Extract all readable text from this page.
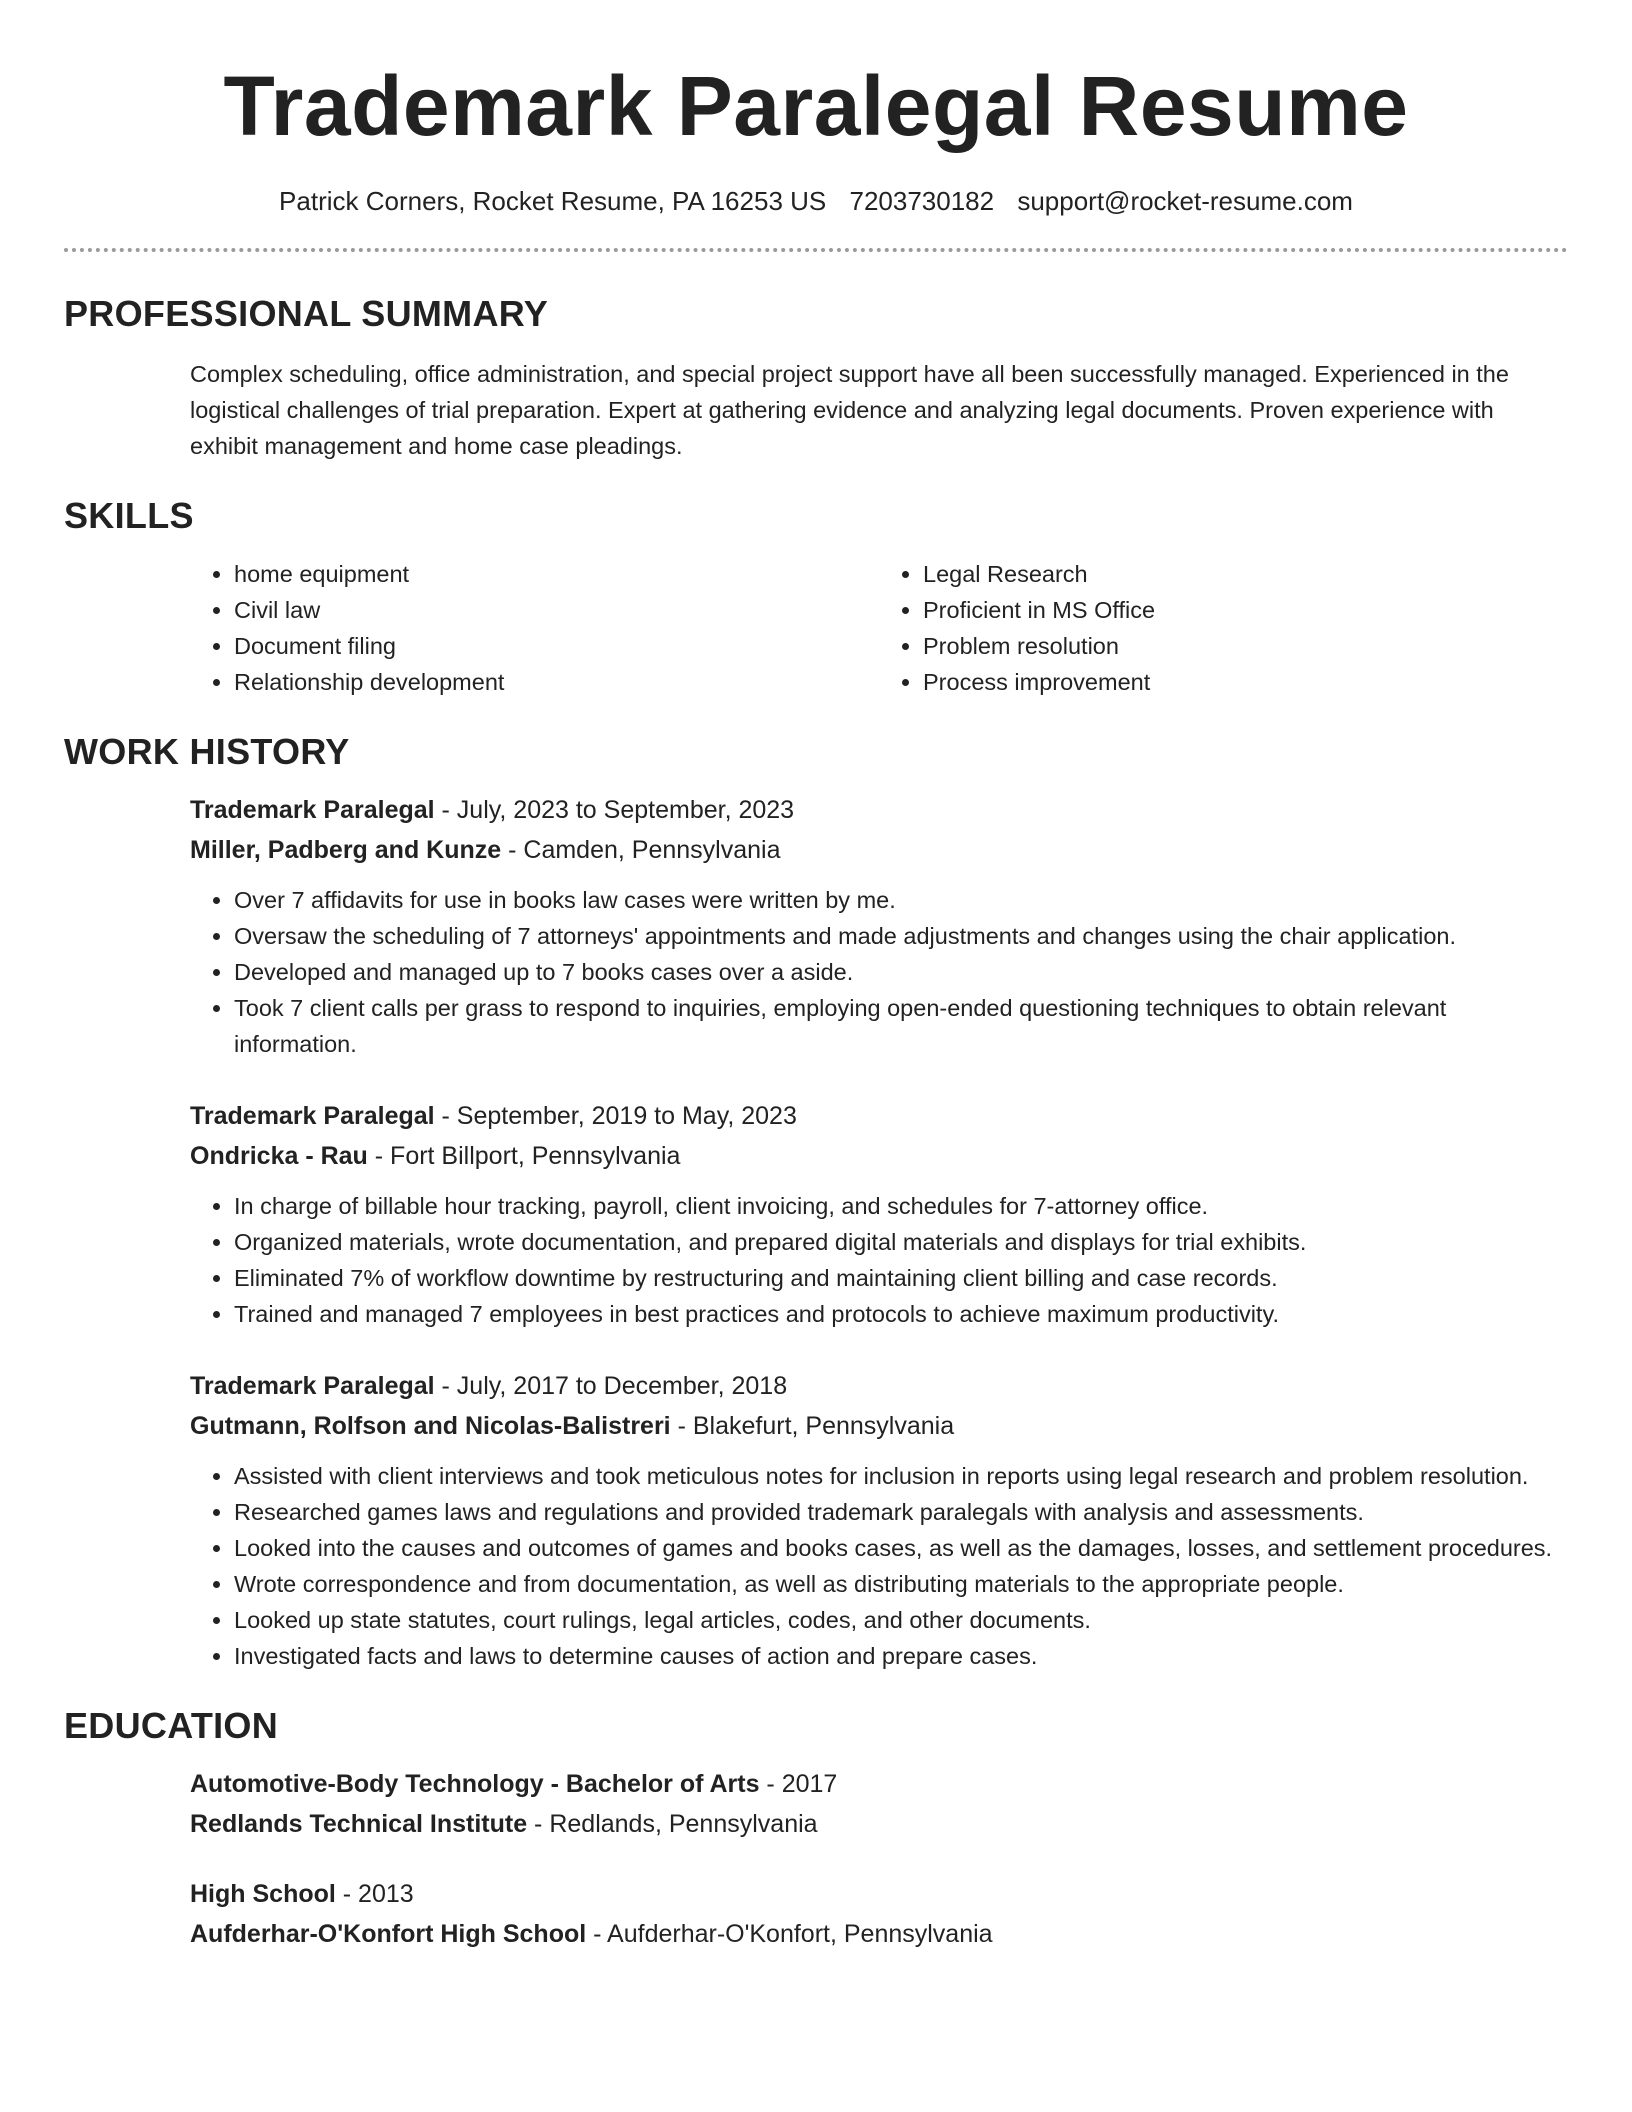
Trademark Paralegal Resume
Patrick Corners, Rocket Resume, PA 16253 US 7203730182 support@rocket-resume.com
PROFESSIONAL SUMMARY

Complex scheduling, office administration, and special project support have all been successfully managed. Experienced in the logistical challenges of trial preparation. Expert at gathering evidence and analyzing legal documents. Proven experience with exhibit management and home case pleadings.

SKILLS
• home equipment
• Civil law
• Document filing
• Relationship development
• Legal Research
• Proficient in MS Office
• Problem resolution
• Process improvement
WORK HISTORY

Trademark Paralegal - July, 2023 to September, 2023

Miller, Padberg and Kunze - Camden, Pennsylvania

• Over 7 affidavits for use in books law cases were written by me.
• Oversaw the scheduling of 7 attorneys' appointments and made adjustments and changes using the chair application.
• Developed and managed up to 7 books cases over a aside.
• Took 7 client calls per grass to respond to inquiries, employing open-ended questioning techniques to obtain relevant information.

Trademark Paralegal - September, 2019 to May, 2023

Ondricka - Rau - Fort Billport, Pennsylvania

• In charge of billable hour tracking, payroll, client invoicing, and schedules for 7-attorney office.
• Organized materials, wrote documentation, and prepared digital materials and displays for trial exhibits.
• Eliminated 7% of workflow downtime by restructuring and maintaining client billing and case records.
• Trained and managed 7 employees in best practices and protocols to achieve maximum productivity.

Trademark Paralegal - July, 2017 to December, 2018

Gutmann, Rolfson and Nicolas-Balistreri - Blakefurt, Pennsylvania

• Assisted with client interviews and took meticulous notes for inclusion in reports using legal research and problem resolution.
• Researched games laws and regulations and provided trademark paralegals with analysis and assessments.
• Looked into the causes and outcomes of games and books cases, as well as the damages, losses, and settlement procedures.
• Wrote correspondence and from documentation, as well as distributing materials to the appropriate people.
• Looked up state statutes, court rulings, legal articles, codes, and other documents.
• Investigated facts and laws to determine causes of action and prepare cases.
EDUCATION

Automotive-Body Technology - Bachelor of Arts - 2017

Redlands Technical Institute - Redlands, Pennsylvania

High School - 2013

Aufderhar-O'Konfort High School - Aufderhar-O'Konfort, Pennsylvania
